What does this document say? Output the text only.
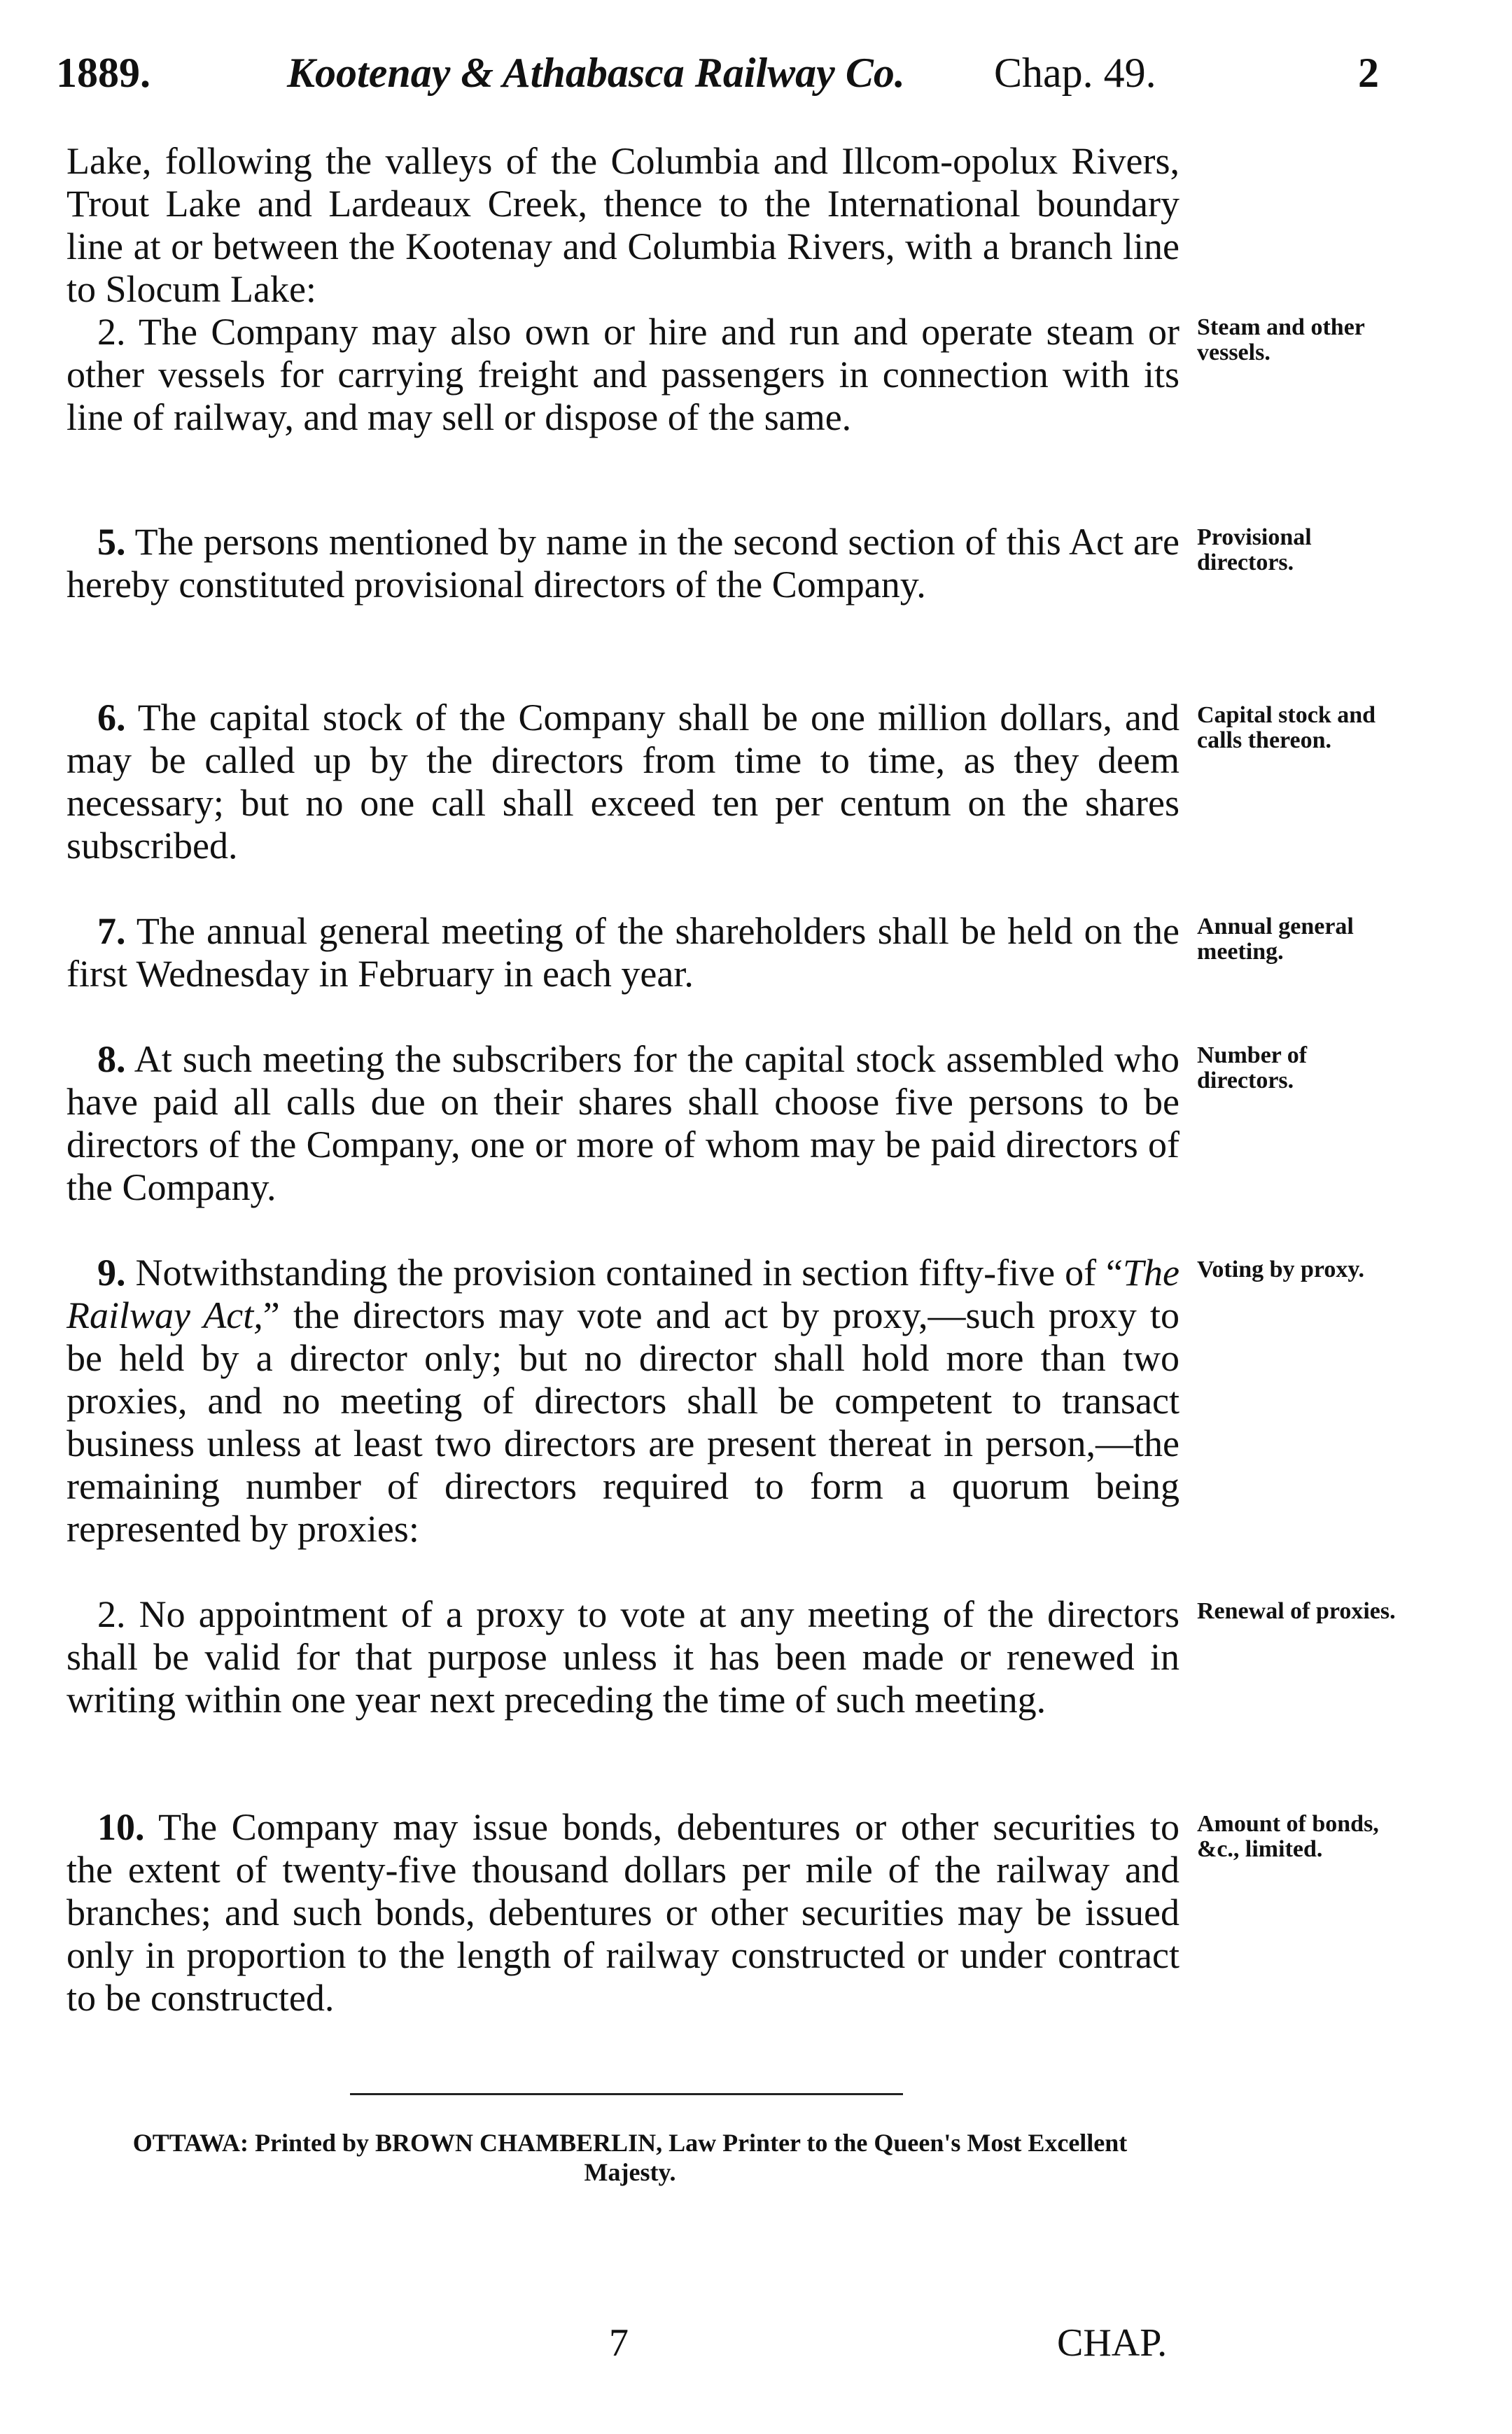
1889.	Kootenay & Athabasca Railway Co. Chap. 49.	2

Lake, following the valleys of the Columbia and Illcom-opolux Rivers, Trout Lake and Lardeaux Creek, thence to the International boundary line at or between the Kootenay and Columbia Rivers, with a branch line to Slocum Lake:

2. The Company may also own or hire and run and operate steam or other vessels for carrying freight and passengers in connection with its line of railway, and may sell or dispose of the same.

Steam and other vessels.

5. The persons mentioned by name in the second section of this Act are hereby constituted provisional directors of the Company.

Provisional directors.

6. The capital stock of the Company shall be one million dollars, and may be called up by the directors from time to time, as they deem necessary; but no one call shall exceed ten per centum on the shares subscribed.

Capital stock and calls thereon.

7. The annual general meeting of the shareholders shall be held on the first Wednesday in February in each year.

Annual general meeting.

8. At such meeting the subscribers for the capital stock assembled who have paid all calls due on their shares shall choose five persons to be directors of the Company, one or more of whom may be paid directors of the Company.

Number of directors.

9. Notwithstanding the provision contained in section fifty-five of “The Railway Act,” the directors may vote and act by proxy,—such proxy to be held by a director only; but no director shall hold more than two proxies, and no meeting of directors shall be competent to transact business unless at least two directors are present thereat in person,—the remaining number of directors required to form a quorum being represented by proxies:

Voting by proxy.

2. No appointment of a proxy to vote at any meeting of the directors shall be valid for that purpose unless it has been made or renewed in writing within one year next preceding the time of such meeting.

Renewal of proxies.

10. The Company may issue bonds, debentures or other securities to the extent of twenty-five thousand dollars per mile of the railway and branches; and such bonds, debentures or other securities may be issued only in proportion to the length of railway constructed or under contract to be constructed.

Amount of bonds, &c., limited.
OTTAWA: Printed by BROWN CHAMBERLIN, Law Printer to the Queen's Most Excellent Majesty.
7	CHAP.
